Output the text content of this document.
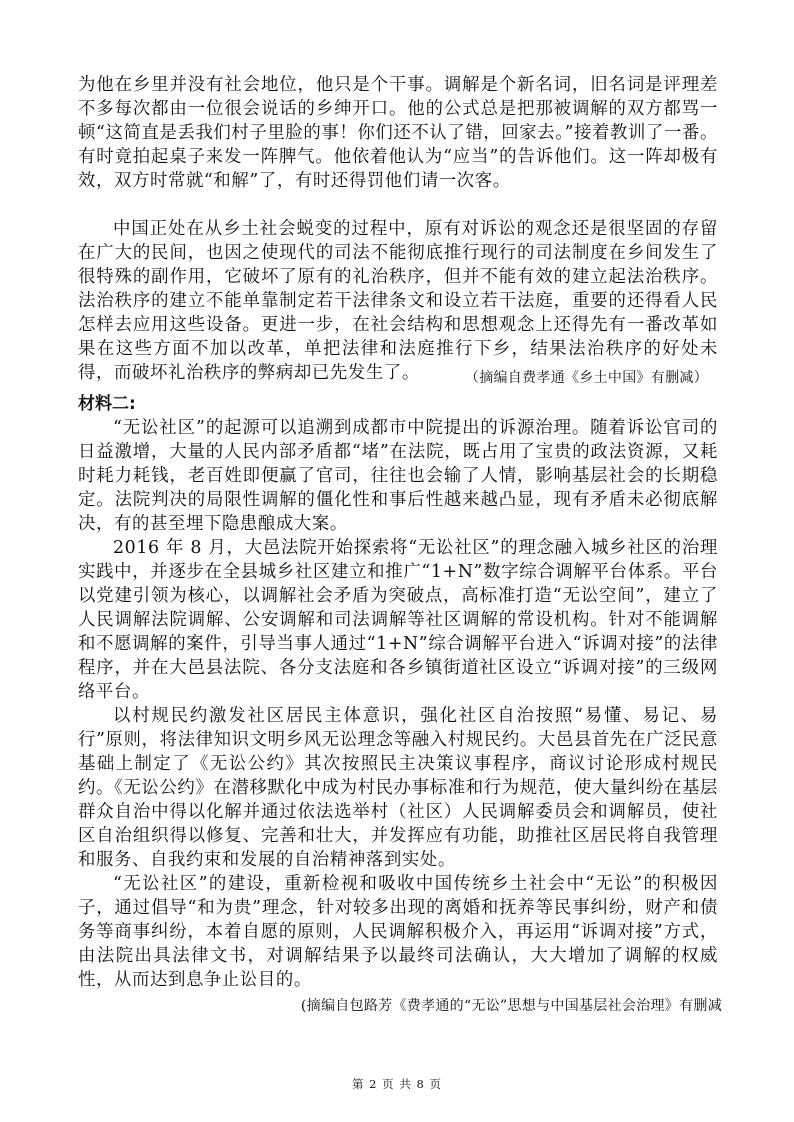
为他在乡里并没有社会地位，他只是个干事。调解是个新名词，旧名词是评理差不多每次都由一位很会说话的乡绅开口。他的公式总是把那被调解的双方都骂一顿“这简直是丢我们村子里脸的事！你们还不认了错，回家去。”接着教训了一番。有时竟拍起桌子来发一阵脾气。他依着他认为“应当”的告诉他们。这一阵却极有效，双方时常就“和解”了，有时还得罚他们请一次客。

中国正处在从乡土社会蜕变的过程中，原有对诉讼的观念还是很坚固的存留在广大的民间，也因之使现代的司法不能彻底推行现行的司法制度在乡间发生了很特殊的副作用，它破坏了原有的礼治秩序，但并不能有效的建立起法治秩序。法治秩序的建立不能单靠制定若干法律条文和设立若干法庭，重要的还得看人民怎样去应用这些设备。更进一步，在社会结构和思想观念上还得先有一番改革如果在这些方面不加以改革，单把法律和法庭推行下乡，结果法治秩序的好处未得，而破坏礼治秩序的弊病却已先发生了。	（摘编自费孝通《乡土中国》有删减）

材料二:

“无讼社区”的起源可以追溯到成都市中院提出的诉源治理。随着诉讼官司的日益激增，大量的人民内部矛盾都“堵”在法院，既占用了宝贵的政法资源，又耗时耗力耗钱，老百姓即便赢了官司，往往也会输了人情，影响基层社会的长期稳定。法院判决的局限性调解的僵化性和事后性越来越凸显，现有矛盾未必彻底解决，有的甚至埋下隐患酿成大案。

2016 年 8 月，大邑法院开始探索将“无讼社区”的理念融入城乡社区的治理实践中，并逐步在全县城乡社区建立和推广“1+N”数字综合调解平台体系。平台以党建引领为核心，以调解社会矛盾为突破点，高标准打造“无讼空间”，建立了人民调解法院调解、公安调解和司法调解等社区调解的常设机构。针对不能调解和不愿调解的案件，引导当事人通过“1+N”综合调解平台进入“诉调对接”的法律程序，并在大邑县法院、各分支法庭和各乡镇街道社区设立“诉调对接”的三级网络平台。

以村规民约激发社区居民主体意识，强化社区自治按照“易懂、易记、易行”原则，将法律知识文明乡风无讼理念等融入村规民约。大邑县首先在广泛民意基础上制定了《无讼公约》其次按照民主决策议事程序，商议讨论形成村规民约。《无讼公约》在潜移默化中成为村民办事标准和行为规范，使大量纠纷在基层群众自治中得以化解并通过依法选举村（社区）人民调解委员会和调解员，使社区自治组织得以修复、完善和壮大，并发挥应有功能，助推社区居民将自我管理和服务、自我约束和发展的自治精神落到实处。

“无讼社区”的建设，重新检视和吸收中国传统乡土社会中“无讼”的积极因子，通过倡导“和为贵”理念，针对较多出现的离婚和抚养等民事纠纷，财产和债务等商事纠纷，本着自愿的原则，人民调解积极介入，再运用“诉调对接”方式，由法院出具法律文书，对调解结果予以最终司法确认，大大增加了调解的权威性，从而达到息争止讼目的。

(摘编自包路芳《费孝通的“无讼”思想与中国基层社会治理》有删减

第 2 页 共 8 页
